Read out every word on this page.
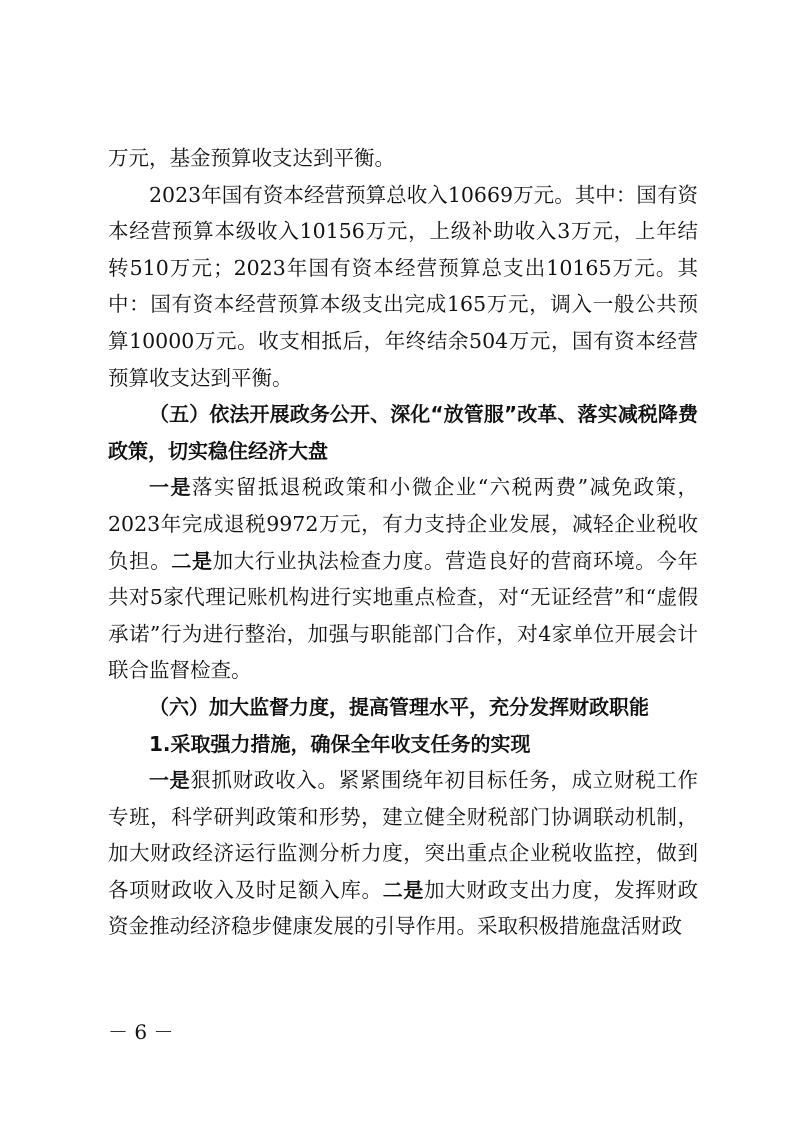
万元，基金预算收支达到平衡。

2023年国有资本经营预算总收入10669万元。其中：国有资本经营预算本级收入10156万元，上级补助收入3万元，上年结转510万元；2023年国有资本经营预算总支出10165万元。其中：国有资本经营预算本级支出完成165万元，调入一般公共预算10000万元。收支相抵后，年终结余504万元，国有资本经营预算收支达到平衡。

（五）依法开展政务公开、深化“放管服”改革、落实减税降费政策，切实稳住经济大盘

一是落实留抵退税政策和小微企业“六税两费”减免政策，2023年完成退税9972万元，有力支持企业发展，减轻企业税收负担。二是加大行业执法检查力度。营造良好的营商环境。今年共对5家代理记账机构进行实地重点检查，对“无证经营”和“虚假承诺”行为进行整治，加强与职能部门合作，对4家单位开展会计联合监督检查。

（六）加大监督力度，提高管理水平，充分发挥财政职能

1.采取强力措施，确保全年收支任务的实现

一是狠抓财政收入。紧紧围绕年初目标任务，成立财税工作专班，科学研判政策和形势，建立健全财税部门协调联动机制，加大财政经济运行监测分析力度，突出重点企业税收监控，做到各项财政收入及时足额入库。二是加大财政支出力度，发挥财政资金推动经济稳步健康发展的引导作用。采取积极措施盘活财政

－ 6 －
